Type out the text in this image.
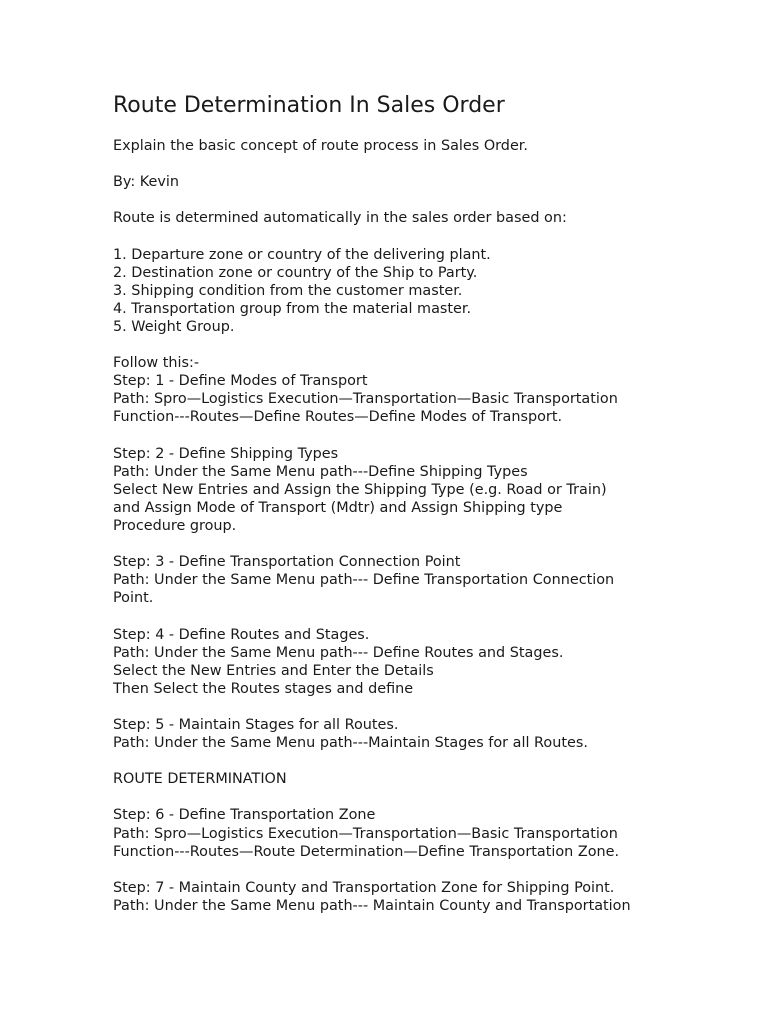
Route Determination In Sales Order

Explain the basic concept of route process in Sales Order.

By: Kevin

Route is determined automatically in the sales order based on:

1. Departure zone or country of the delivering plant.
2. Destination zone or country of the Ship to Party.
3. Shipping condition from the customer master.
4. Transportation group from the material master.
5. Weight Group.

Follow this:-
Step: 1 - Define Modes of Transport
Path: Spro—Logistics Execution—Transportation—Basic Transportation
Function---Routes—Define Routes—Define Modes of Transport.

Step: 2 - Define Shipping Types
Path: Under the Same Menu path---Define Shipping Types
Select New Entries and Assign the Shipping Type (e.g. Road or Train)
and Assign Mode of Transport (Mdtr) and Assign Shipping type
Procedure group.

Step: 3 - Define Transportation Connection Point
Path: Under the Same Menu path--- Define Transportation Connection
Point.

Step: 4 - Define Routes and Stages.
Path: Under the Same Menu path--- Define Routes and Stages.
Select the New Entries and Enter the Details
Then Select the Routes stages and define

Step: 5 - Maintain Stages for all Routes.
Path: Under the Same Menu path---Maintain Stages for all Routes.

ROUTE DETERMINATION

Step: 6 - Define Transportation Zone
Path: Spro—Logistics Execution—Transportation—Basic Transportation
Function---Routes—Route Determination—Define Transportation Zone.

Step: 7 - Maintain County and Transportation Zone for Shipping Point.
Path: Under the Same Menu path--- Maintain County and Transportation
